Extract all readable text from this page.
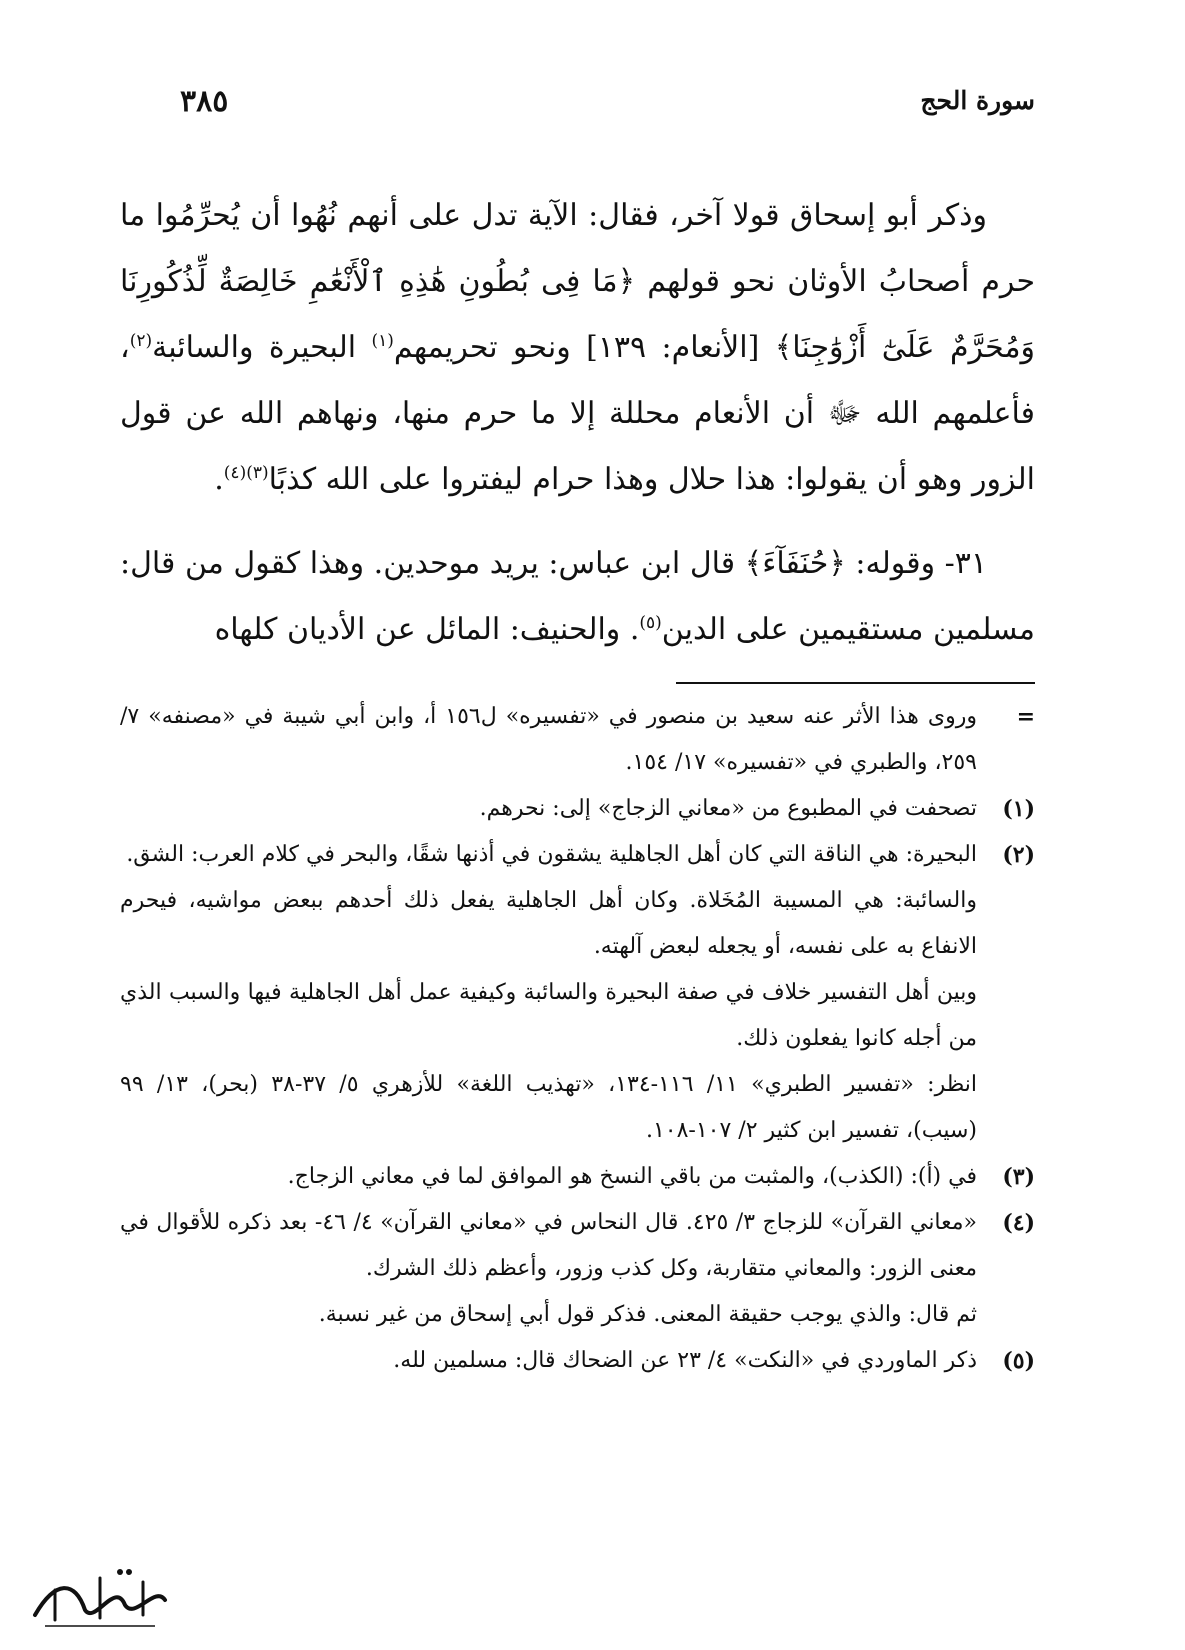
سورة الحج
٣٨٥

وذكر أبو إسحاق قولا آخر، فقال: الآية تدل على أنهم نُهُوا أن يُحرِّمُوا ما حرم أصحابُ الأوثان نحو قولهم ﴿مَا فِى بُطُونِ هَٰذِهِ ٱلْأَنْعَٰمِ خَالِصَةٌ لِّذُكُورِنَا وَمُحَرَّمٌ عَلَىٰٓ أَزْوَٰجِنَا﴾ [الأنعام: ١٣٩] ونحو تحريمهم$^{(١)}$ البحيرة والسائبة$^{(٢)}$، فأعلمهم الله ﷻ أن الأنعام محللة إلا ما حرم منها، ونهاهم الله عن قول الزور وهو أن يقولوا: هذا حلال وهذا حرام ليفتروا على الله كذبًا$^{(٣)(٤)}$.

٣١- وقوله: ﴿حُنَفَآءَ﴾ قال ابن عباس: يريد موحدين. وهذا كقول من قال: مسلمين مستقيمين على الدين$^{(٥)}$. والحنيف: المائل عن الأديان كلهاه

=
وروى هذا الأثر عنه سعيد بن منصور في «تفسيره» ل١٥٦ أ، وابن أبي شيبة في «مصنفه» ٧/ ٢٥٩، والطبري في «تفسيره» ١٧/ ١٥٤.
(١)
تصحفت في المطبوع من «معاني الزجاج» إلى: نحرهم.
(٢)
البحيرة: هي الناقة التي كان أهل الجاهلية يشقون في أذنها شقًا، والبحر في كلام العرب: الشق.
والسائبة: هي المسيبة المُخَلاة. وكان أهل الجاهلية يفعل ذلك أحدهم ببعض مواشيه، فيحرم الانفاع به على نفسه، أو يجعله لبعض آلهته.
وبين أهل التفسير خلاف في صفة البحيرة والسائبة وكيفية عمل أهل الجاهلية فيها والسبب الذي من أجله كانوا يفعلون ذلك.
انظر: «تفسير الطبري» ١١/ ١١٦-١٣٤، «تهذيب اللغة» للأزهري ٥/ ٣٧-٣٨ (بحر)، ١٣/ ٩٩ (سيب)، تفسير ابن كثير ٢/ ١٠٧-١٠٨.
(٣)
في (أ): (الكذب)، والمثبت من باقي النسخ هو الموافق لما في معاني الزجاج.
(٤)
«معاني القرآن» للزجاج ٣/ ٤٢٥. قال النحاس في «معاني القرآن» ٤/ ٤٦- بعد ذكره للأقوال في معنى الزور: والمعاني متقاربة، وكل كذب وزور، وأعظم ذلك الشرك.
ثم قال: والذي يوجب حقيقة المعنى. فذكر قول أبي إسحاق من غير نسبة.
(٥)
ذكر الماوردي في «النكت» ٤/ ٢٣ عن الضحاك قال: مسلمين لله.
